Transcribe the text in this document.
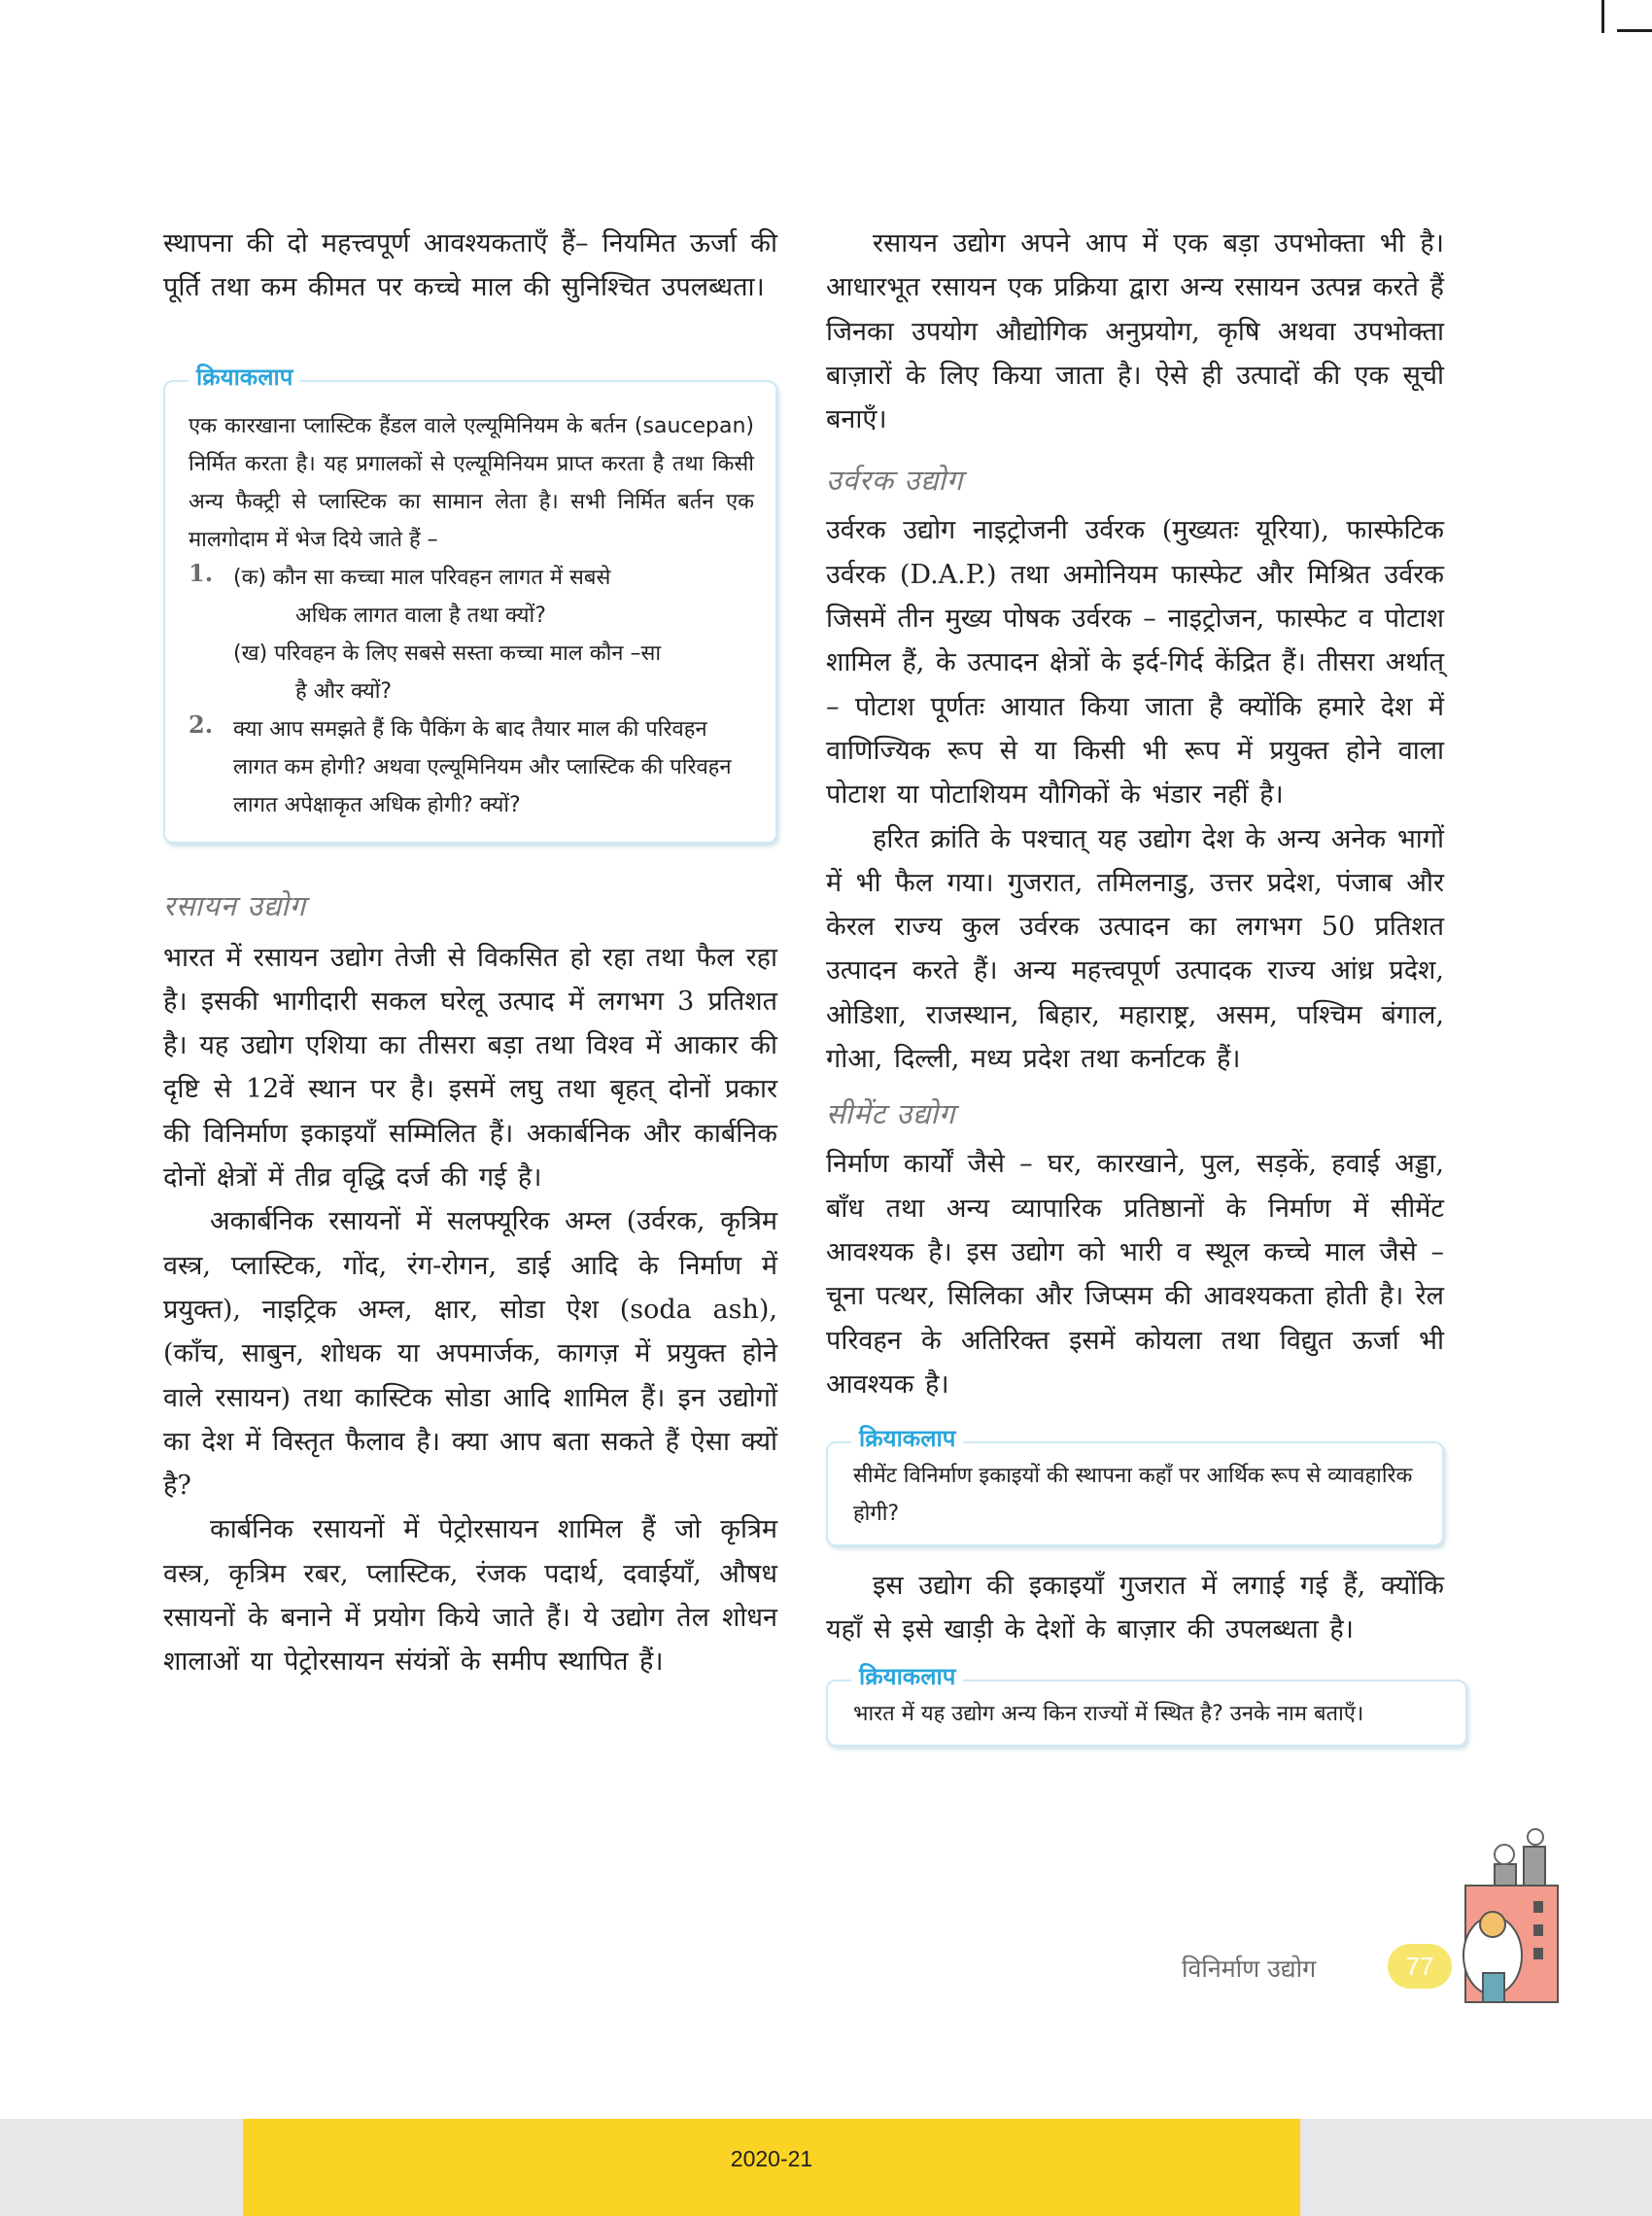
स्थापना की दो महत्त्वपूर्ण आवश्यकताएँ हैं– नियमित ऊर्जा की पूर्ति तथा कम कीमत पर कच्चे माल की सुनिश्चित उपलब्धता।

क्रियाकलाप

एक कारखाना प्लास्टिक हैंडल वाले एल्यूमिनियम के बर्तन (saucepan) निर्मित करता है। यह प्रगालकों से एल्यूमिनियम प्राप्त करता है तथा किसी अन्य फैक्ट्री से प्लास्टिक का सामान लेता है। सभी निर्मित बर्तन एक मालगोदाम में भेज दिये जाते हैं –

1. (क) कौन सा कच्चा माल परिवहन लागत में सबसे
अधिक लागत वाला है तथा क्यों?
(ख) परिवहन के लिए सबसे सस्ता कच्चा माल कौन –सा
है और क्यों?
2. क्या आप समझते हैं कि पैकिंग के बाद तैयार माल की परिवहन लागत कम होगी? अथवा एल्यूमिनियम और प्लास्टिक की परिवहन लागत अपेक्षाकृत अधिक होगी? क्यों?
रसायन उद्योग

भारत में रसायन उद्योग तेजी से विकसित हो रहा तथा फैल रहा है। इसकी भागीदारी सकल घरेलू उत्पाद में लगभग 3 प्रतिशत है। यह उद्योग एशिया का तीसरा बड़ा तथा विश्व में आकार की दृष्टि से 12वें स्थान पर है। इसमें लघु तथा बृहत् दोनों प्रकार की विनिर्माण इकाइयाँ सम्मिलित हैं। अकार्बनिक और कार्बनिक दोनों क्षेत्रों में तीव्र वृद्धि दर्ज की गई है।

अकार्बनिक रसायनों में सलफ्यूरिक अम्ल (उर्वरक, कृत्रिम वस्त्र, प्लास्टिक, गोंद, रंग-रोगन, डाई आदि के निर्माण में प्रयुक्त), नाइट्रिक अम्ल, क्षार, सोडा ऐश (soda ash), (काँच, साबुन, शोधक या अपमार्जक, कागज़ में प्रयुक्त होने वाले रसायन) तथा कास्टिक सोडा आदि शामिल हैं। इन उद्योगों का देश में विस्तृत फैलाव है। क्या आप बता सकते हैं ऐसा क्यों है?

कार्बनिक रसायनों में पेट्रोरसायन शामिल हैं जो कृत्रिम वस्त्र, कृत्रिम रबर, प्लास्टिक, रंजक पदार्थ, दवाईयाँ, औषध रसायनों के बनाने में प्रयोग किये जाते हैं। ये उद्योग तेल शोधन शालाओं या पेट्रोरसायन संयंत्रों के समीप स्थापित हैं।

रसायन उद्योग अपने आप में एक बड़ा उपभोक्ता भी है। आधारभूत रसायन एक प्रक्रिया द्वारा अन्य रसायन उत्पन्न करते हैं जिनका उपयोग औद्योगिक अनुप्रयोग, कृषि अथवा उपभोक्ता बाज़ारों के लिए किया जाता है। ऐसे ही उत्पादों की एक सूची बनाएँ।

उर्वरक उद्योग

उर्वरक उद्योग नाइट्रोजनी उर्वरक (मुख्यतः यूरिया), फास्फेटिक उर्वरक (D.A.P.) तथा अमोनियम फास्फेट और मिश्रित उर्वरक जिसमें तीन मुख्य पोषक उर्वरक – नाइट्रोजन, फास्फेट व पोटाश शामिल हैं, के उत्पादन क्षेत्रों के इर्द-गिर्द केंद्रित हैं। तीसरा अर्थात् – पोटाश पूर्णतः आयात किया जाता है क्योंकि हमारे देश में वाणिज्यिक रूप से या किसी भी रूप में प्रयुक्त होने वाला पोटाश या पोटाशियम यौगिकों के भंडार नहीं है।

हरित क्रांति के पश्चात् यह उद्योग देश के अन्य अनेक भागों में भी फैल गया। गुजरात, तमिलनाडु, उत्तर प्रदेश, पंजाब और केरल राज्य कुल उर्वरक उत्पादन का लगभग 50 प्रतिशत उत्पादन करते हैं। अन्य महत्त्वपूर्ण उत्पादक राज्य आंध्र प्रदेश, ओडिशा, राजस्थान, बिहार, महाराष्ट्र, असम, पश्चिम बंगाल, गोआ, दिल्ली, मध्य प्रदेश तथा कर्नाटक हैं।

सीमेंट उद्योग

निर्माण कार्यों जैसे – घर, कारखाने, पुल, सड़कें, हवाई अड्डा, बाँध तथा अन्य व्यापारिक प्रतिष्ठानों के निर्माण में सीमेंट आवश्यक है। इस उद्योग को भारी व स्थूल कच्चे माल जैसे – चूना पत्थर, सिलिका और जिप्सम की आवश्यकता होती है। रेल परिवहन के अतिरिक्त इसमें कोयला तथा विद्युत ऊर्जा भी आवश्यक है।

क्रियाकलाप

सीमेंट विनिर्माण इकाइयों की स्थापना कहाँ पर आर्थिक रूप से व्यावहारिक होगी?

इस उद्योग की इकाइयाँ गुजरात में लगाई गई हैं, क्योंकि यहाँ से इसे खाड़ी के देशों के बाज़ार की उपलब्धता है।

क्रियाकलाप

भारत में यह उद्योग अन्य किन राज्यों में स्थित है? उनके नाम बताएँ।

विनिर्माण उद्योग	77
2020-21
